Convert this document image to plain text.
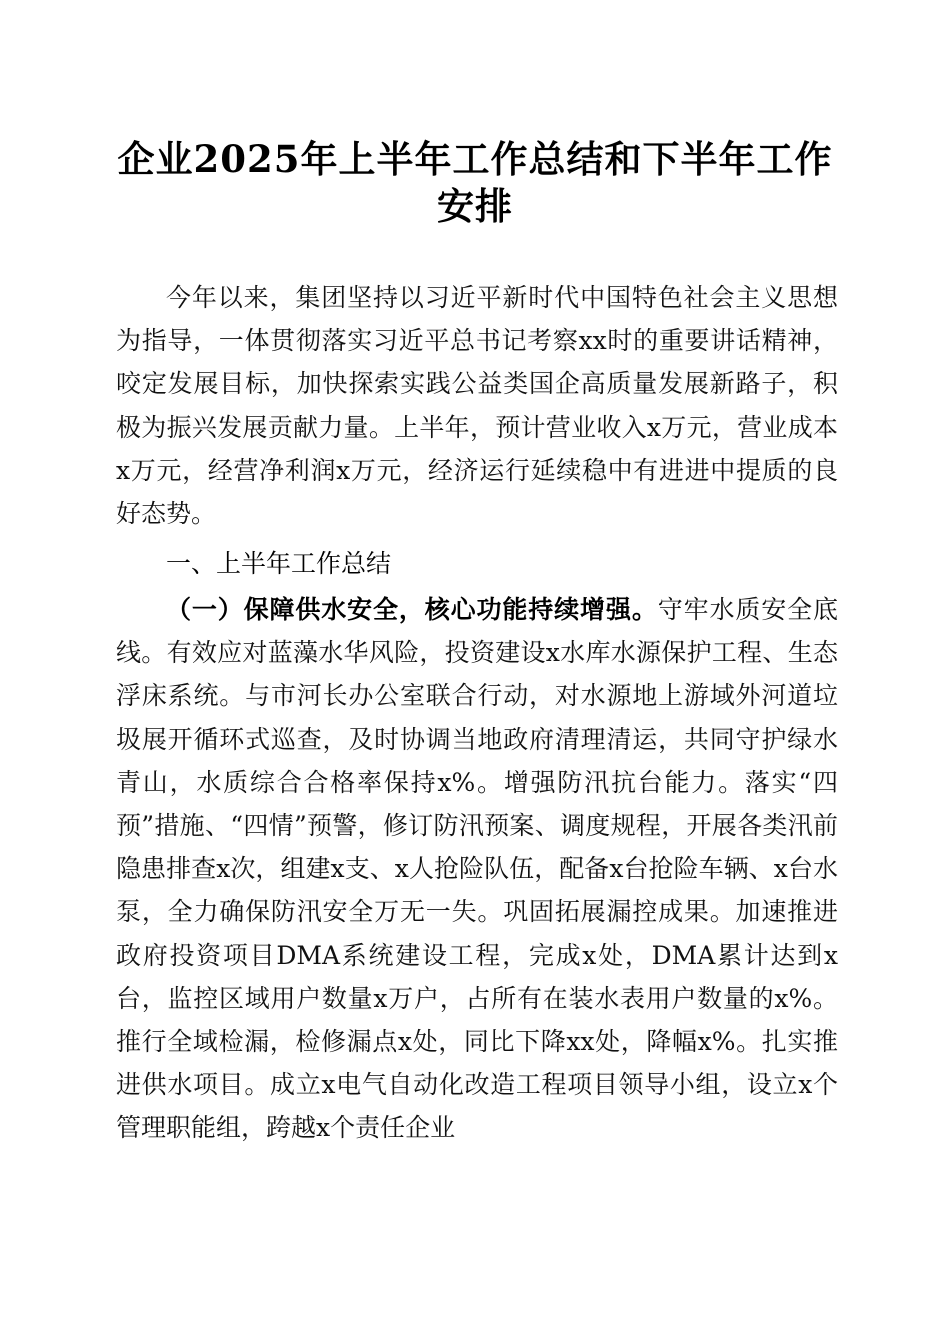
企业2025年上半年工作总结和下半年工作安排
今年以来，集团坚持以习近平新时代中国特色社会主义思想为指导，一体贯彻落实习近平总书记考察xx时的重要讲话精神，咬定发展目标，加快探索实践公益类国企高质量发展新路子，积极为振兴发展贡献力量。上半年，预计营业收入x万元，营业成本x万元，经营净利润x万元，经济运行延续稳中有进进中提质的良好态势。
一、上半年工作总结
（一）保障供水安全，核心功能持续增强。守牢水质安全底线。有效应对蓝藻水华风险，投资建设x水库水源保护工程、生态浮床系统。与市河长办公室联合行动，对水源地上游域外河道垃圾展开循环式巡查，及时协调当地政府清理清运，共同守护绿水青山，水质综合合格率保持x%。增强防汛抗台能力。落实“四预”措施、“四情”预警，修订防汛预案、调度规程，开展各类汛前隐患排查x次，组建x支、x人抢险队伍，配备x台抢险车辆、x台水泵，全力确保防汛安全万无一失。巩固拓展漏控成果。加速推进政府投资项目DMA系统建设工程，完成x处，DMA累计达到x台，监控区域用户数量x万户，占所有在装水表用户数量的x%。推行全域检漏，检修漏点x处，同比下降xx处，降幅x%。扎实推进供水项目。成立x电气自动化改造工程项目领导小组，设立x个管理职能组，跨越x个责任企业
